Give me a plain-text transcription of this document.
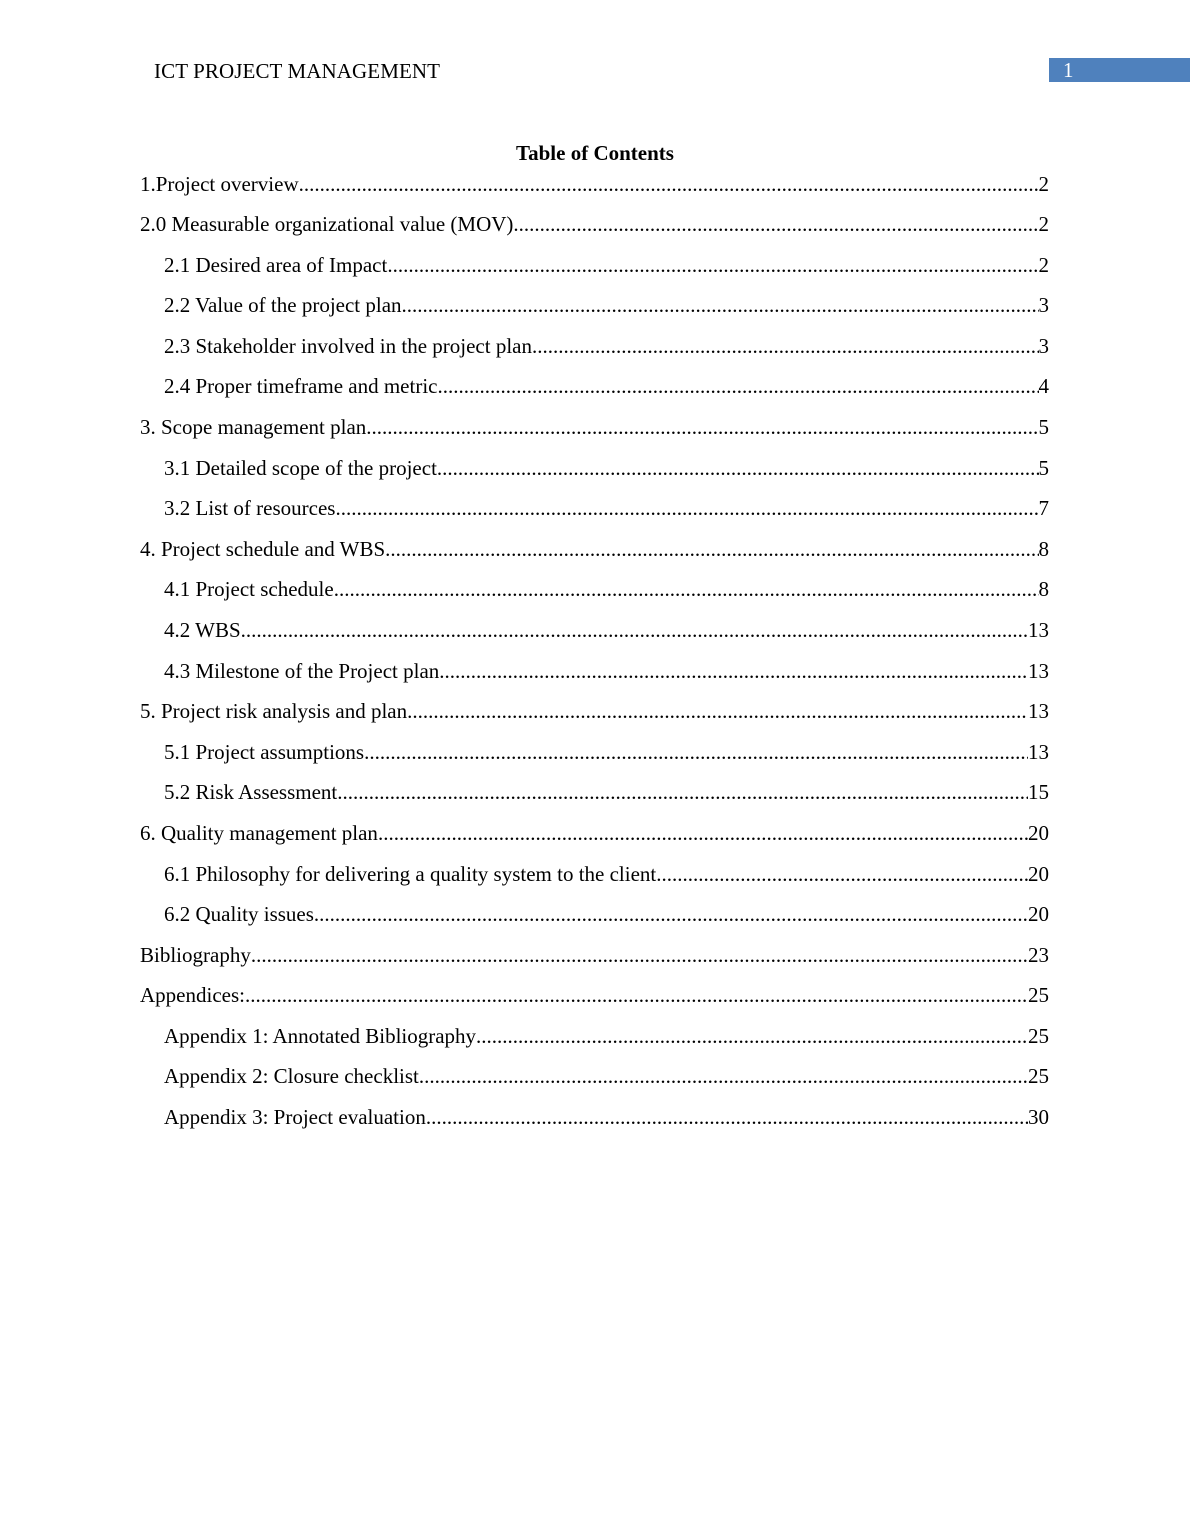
ICT PROJECT MANAGEMENT	1
Table of Contents
1.Project overview .....	2
2.0 Measurable organizational value (MOV) .....	2
2.1 Desired area of Impact .....	2
2.2 Value of the project plan .....	3
2.3 Stakeholder involved in the project plan .....	3
2.4 Proper timeframe and metric .....	4
3. Scope management plan .....	5
3.1 Detailed scope of the project .....	5
3.2 List of resources .....	7
4. Project schedule and WBS .....	8
4.1 Project schedule .....	8
4.2 WBS .....	13
4.3 Milestone of the Project plan .....	13
5. Project risk analysis and plan .....	13
5.1 Project assumptions .....	13
5.2 Risk Assessment .....	15
6. Quality management plan .....	20
6.1 Philosophy for delivering a quality system to the client .....	20
6.2 Quality issues .....	20
Bibliography .....	23
Appendices: .....	25
Appendix 1: Annotated Bibliography .....	25
Appendix 2: Closure checklist .....	25
Appendix 3: Project evaluation .....	30
